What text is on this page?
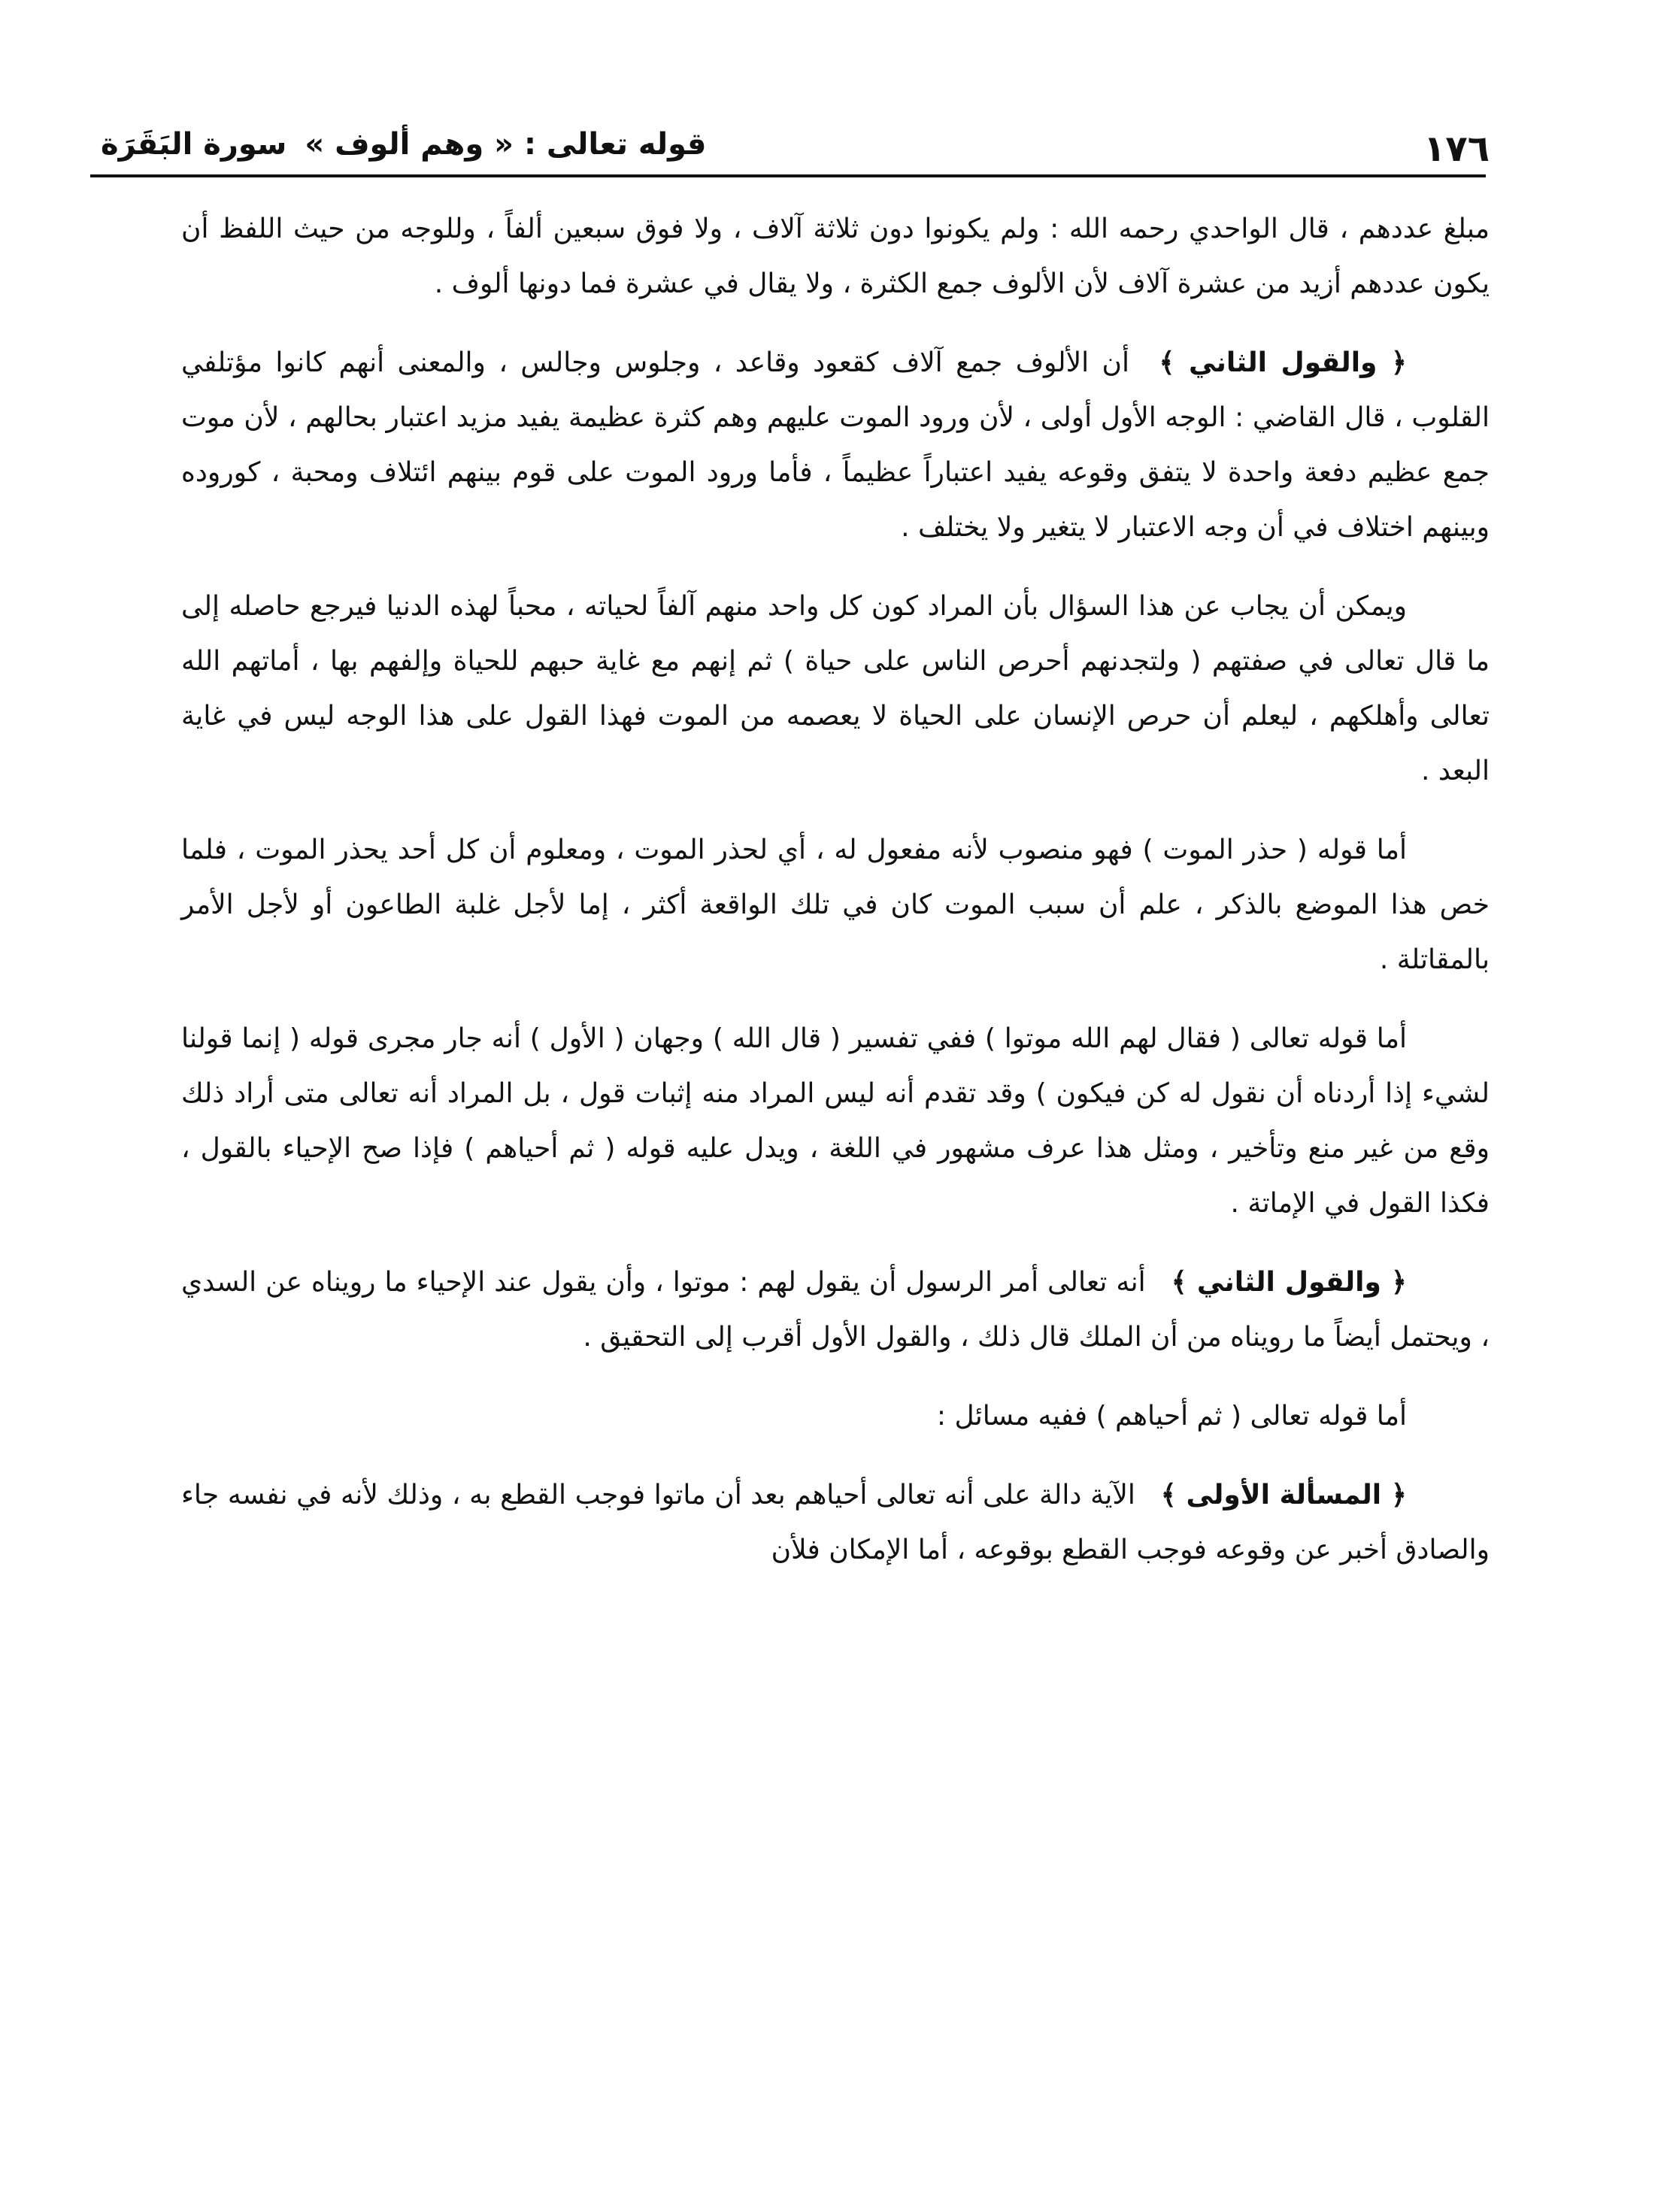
١٧٦
قوله تعالى : « وهم ألوف »سورة البَقَرَة

مبلغ عددهم ، قال الواحدي رحمه الله : ولم يكونوا دون ثلاثة آلاف ، ولا فوق سبعين ألفاً ، وللوجه من حيث اللفظ أن يكون عددهم أزيد من عشرة آلاف لأن الألوف جمع الكثرة ، ولا يقال في عشرة فما دونها ألوف .

﴿ والقول الثاني ﴾ أن الألوف جمع آلاف كقعود وقاعد ، وجلوس وجالس ، والمعنى أنهم كانوا مؤتلفي القلوب ، قال القاضي : الوجه الأول أولى ، لأن ورود الموت عليهم وهم كثرة عظيمة يفيد مزيد اعتبار بحالهم ، لأن موت جمع عظيم دفعة واحدة لا يتفق وقوعه يفيد اعتباراً عظيماً ، فأما ورود الموت على قوم بينهم ائتلاف ومحبة ، كوروده وبينهم اختلاف في أن وجه الاعتبار لا يتغير ولا يختلف .

ويمكن أن يجاب عن هذا السؤال بأن المراد كون كل واحد منهم آلفاً لحياته ، محباً لهذه الدنيا فيرجع حاصله إلى ما قال تعالى في صفتهم ( ولتجدنهم أحرص الناس على حياة ) ثم إنهم مع غاية حبهم للحياة وإلفهم بها ، أماتهم الله تعالى وأهلكهم ، ليعلم أن حرص الإنسان على الحياة لا يعصمه من الموت فهذا القول على هذا الوجه ليس في غاية البعد .

أما قوله ( حذر الموت ) فهو منصوب لأنه مفعول له ، أي لحذر الموت ، ومعلوم أن كل أحد يحذر الموت ، فلما خص هذا الموضع بالذكر ، علم أن سبب الموت كان في تلك الواقعة أكثر ، إما لأجل غلبة الطاعون أو لأجل الأمر بالمقاتلة .

أما قوله تعالى ( فقال لهم الله موتوا ) ففي تفسير ( قال الله ) وجهان ( الأول ) أنه جار مجرى قوله ( إنما قولنا لشيء إذا أردناه أن نقول له كن فيكون ) وقد تقدم أنه ليس المراد منه إثبات قول ، بل المراد أنه تعالى متى أراد ذلك وقع من غير منع وتأخير ، ومثل هذا عرف مشهور في اللغة ، ويدل عليه قوله ( ثم أحياهم ) فإذا صح الإحياء بالقول ، فكذا القول في الإماتة .

﴿ والقول الثاني ﴾ أنه تعالى أمر الرسول أن يقول لهم : موتوا ، وأن يقول عند الإحياء ما رويناه عن السدي ، ويحتمل أيضاً ما رويناه من أن الملك قال ذلك ، والقول الأول أقرب إلى التحقيق .

أما قوله تعالى ( ثم أحياهم ) ففيه مسائل :

﴿ المسألة الأولى ﴾ الآية دالة على أنه تعالى أحياهم بعد أن ماتوا فوجب القطع به ، وذلك لأنه في نفسه جاء والصادق أخبر عن وقوعه فوجب القطع بوقوعه ، أما الإمكان فلأن
